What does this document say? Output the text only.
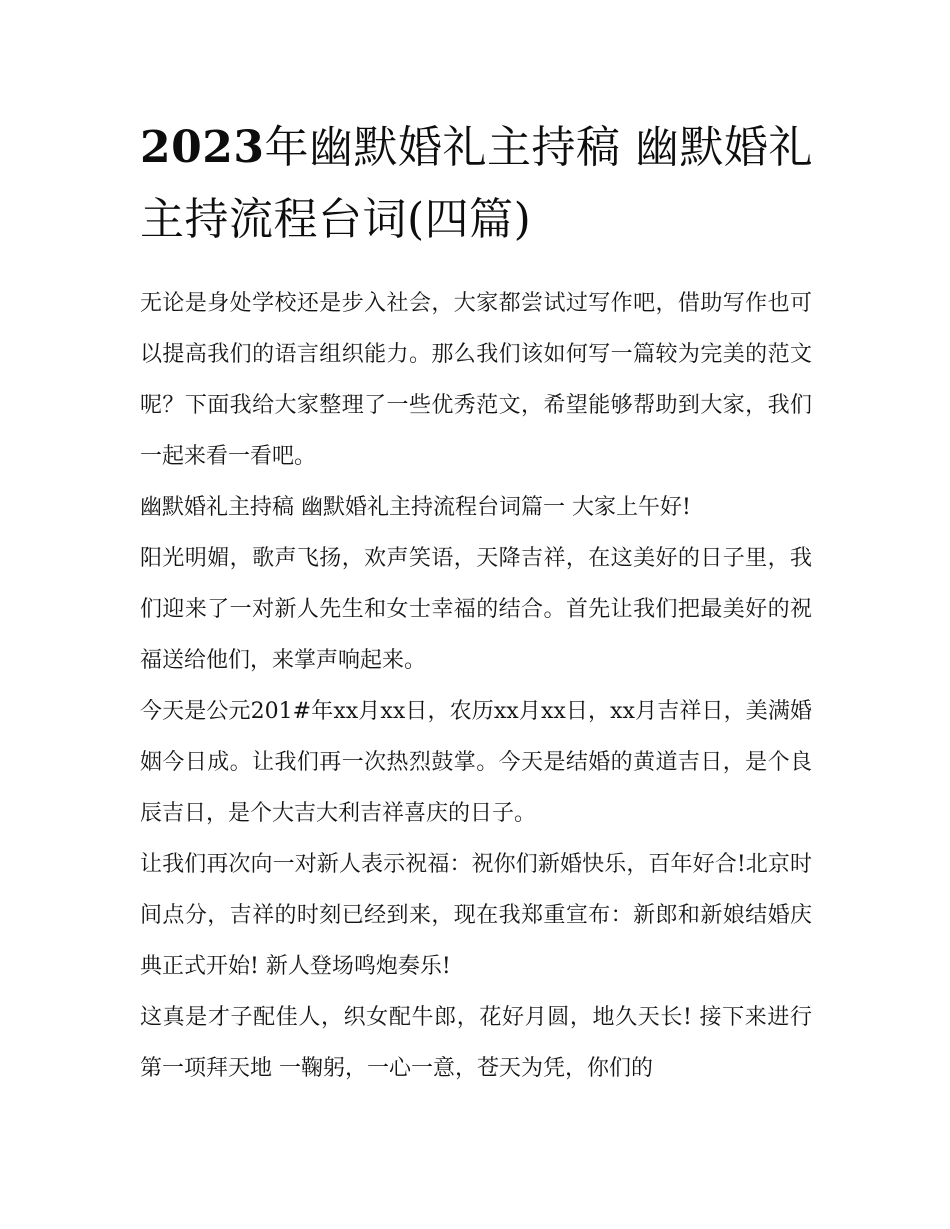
2023年幽默婚礼主持稿 幽默婚礼主持流程台词(四篇)

无论是身处学校还是步入社会，大家都尝试过写作吧，借助写作也可以提高我们的语言组织能力。那么我们该如何写一篇较为完美的范文呢？下面我给大家整理了一些优秀范文，希望能够帮助到大家，我们一起来看一看吧。

幽默婚礼主持稿 幽默婚礼主持流程台词篇一 大家上午好!

阳光明媚，歌声飞扬，欢声笑语，天降吉祥，在这美好的日子里，我们迎来了一对新人先生和女士幸福的结合。首先让我们把最美好的祝福送给他们，来掌声响起来。

今天是公元201#年xx月xx日，农历xx月xx日，xx月吉祥日，美满婚姻今日成。让我们再一次热烈鼓掌。今天是结婚的黄道吉日，是个良辰吉日，是个大吉大利吉祥喜庆的日子。

让我们再次向一对新人表示祝福：祝你们新婚快乐，百年好合!北京时间点分，吉祥的时刻已经到来，现在我郑重宣布：新郎和新娘结婚庆典正式开始! 新人登场鸣炮奏乐!

这真是才子配佳人，织女配牛郎，花好月圆，地久天长! 接下来进行第一项拜天地 一鞠躬，一心一意，苍天为凭，你们的
